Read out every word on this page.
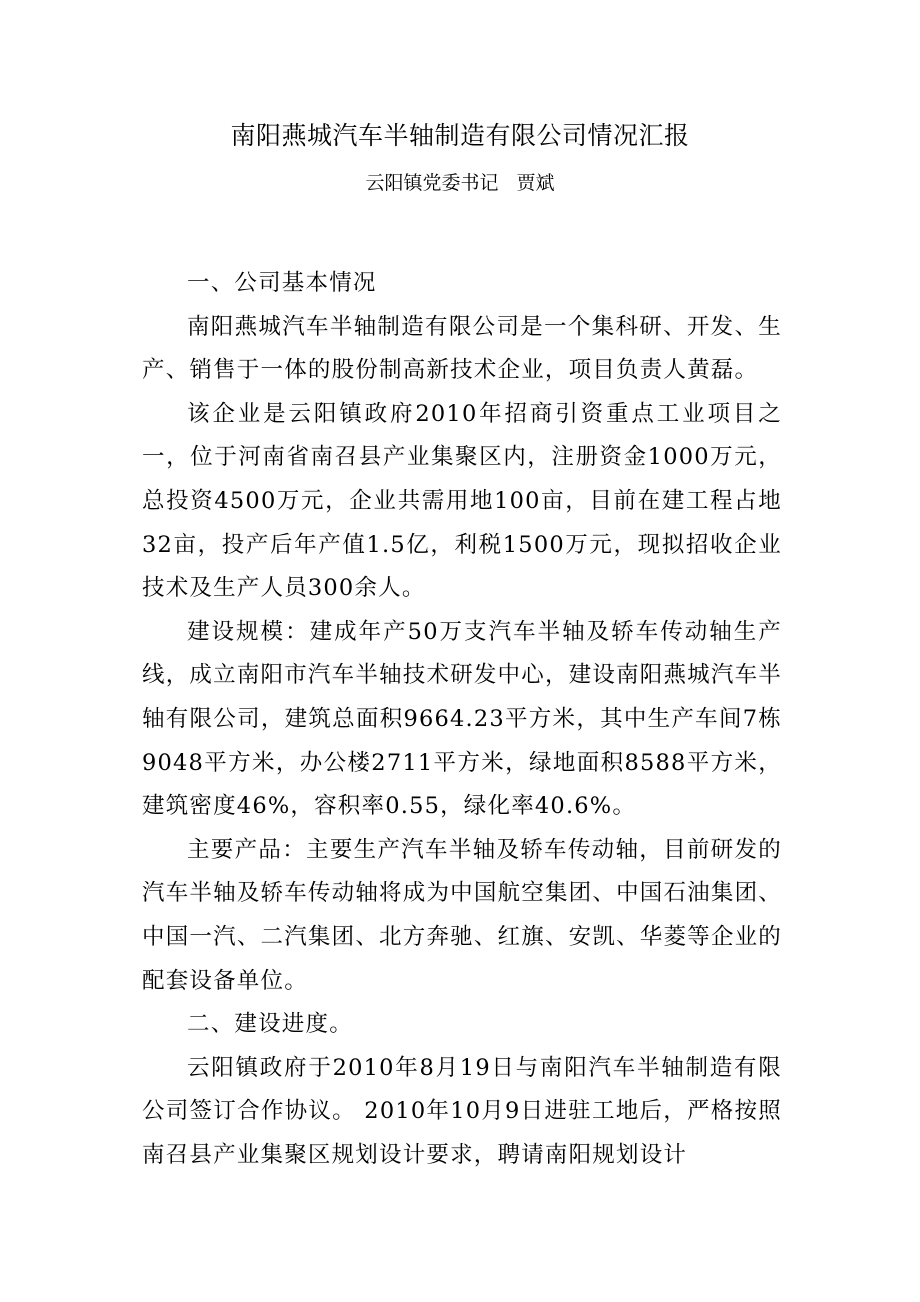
南阳燕城汽车半轴制造有限公司情况汇报
云阳镇党委书记   贾斌

一、公司基本情况

南阳燕城汽车半轴制造有限公司是一个集科研、开发、生产、销售于一体的股份制高新技术企业，项目负责人黄磊。

该企业是云阳镇政府2010年招商引资重点工业项目之一，位于河南省南召县产业集聚区内，注册资金1000万元，总投资4500万元，企业共需用地100亩，目前在建工程占地32亩，投产后年产值1.5亿，利税1500万元，现拟招收企业技术及生产人员300余人。

建设规模：建成年产50万支汽车半轴及轿车传动轴生产线，成立南阳市汽车半轴技术研发中心，建设南阳燕城汽车半轴有限公司，建筑总面积9664.23平方米，其中生产车间7栋9048平方米，办公楼2711平方米，绿地面积8588平方米，建筑密度46%，容积率0.55，绿化率40.6%。

主要产品：主要生产汽车半轴及轿车传动轴，目前研发的汽车半轴及轿车传动轴将成为中国航空集团、中国石油集团、中国一汽、二汽集团、北方奔驰、红旗、安凯、华菱等企业的配套设备单位。

二、建设进度。

云阳镇政府于2010年8月19日与南阳汽车半轴制造有限公司签订合作协议。 2010年10月9日进驻工地后，严格按照南召县产业集聚区规划设计要求，聘请南阳规划设计
